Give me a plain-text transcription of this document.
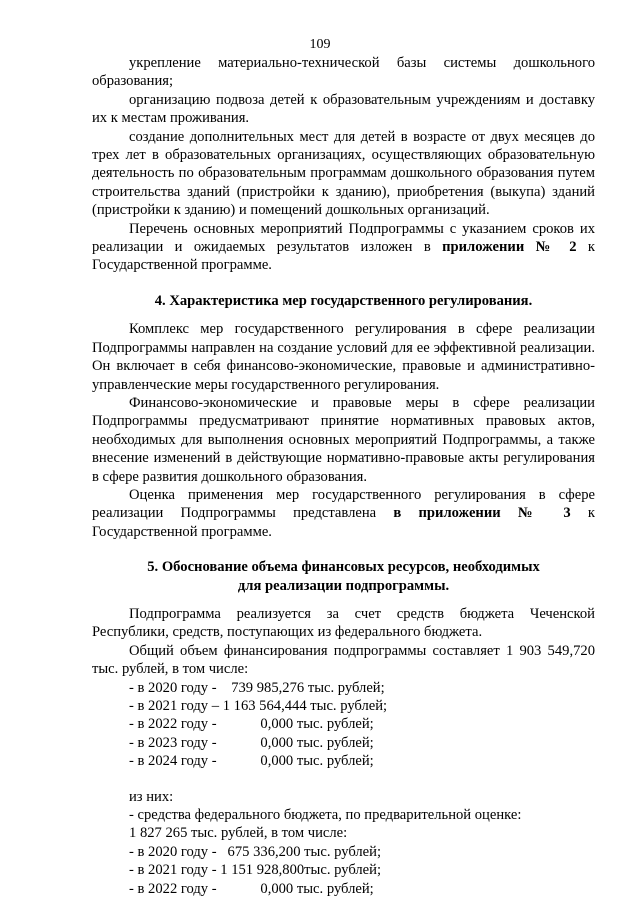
109

укрепление материально-технической базы системы дошкольного образования;

организацию подвоза детей к образовательным учреждениям и доставку их к местам проживания.

создание дополнительных мест для детей в возрасте от двух месяцев до трех лет в образовательных организациях, осуществляющих образовательную деятельность по образовательным программам дошкольного образования путем строительства зданий (пристройки к зданию), приобретения (выкупа) зданий (пристройки к зданию) и помещений дошкольных организаций.

Перечень основных мероприятий Подпрограммы с указанием сроков их реализации и ожидаемых результатов изложен в приложении № 2 к Государственной программе.

4. Характеристика мер государственного регулирования.

Комплекс мер государственного регулирования в сфере реализации Подпрограммы направлен на создание условий для ее эффективной реализации. Он включает в себя финансово-экономические, правовые и административно-управленческие меры государственного регулирования.

Финансово-экономические и правовые меры в сфере реализации Подпрограммы предусматривают принятие нормативных правовых актов, необходимых для выполнения основных мероприятий Подпрограммы, а также внесение изменений в действующие нормативно-правовые акты регулирования в сфере развития дошкольного образования.

Оценка применения мер государственного регулирования в сфере реализации Подпрограммы представлена в приложении № 3 к Государственной программе.

5. Обоснование объема финансовых ресурсов, необходимых
для реализации подпрограммы.

Подпрограмма реализуется за счет средств бюджета Чеченской Республики, средств, поступающих из федерального бюджета.

Общий объем финансирования подпрограммы составляет 1 903 549,720 тыс. рублей, в том числе:

- в 2020 году -    739 985,276 тыс. рублей;
- в 2021 году – 1 163 564,444 тыс. рублей;
- в 2022 году -            0,000 тыс. рублей;
- в 2023 году -            0,000 тыс. рублей;
- в 2024 году -            0,000 тыс. рублей;

из них:

- средства федерального бюджета, по предварительной оценке:

1 827 265 тыс. рублей, в том числе:

- в 2020 году -   675 336,200 тыс. рублей;
- в 2021 году - 1 151 928,800тыс. рублей;
- в 2022 году -            0,000 тыс. рублей;
